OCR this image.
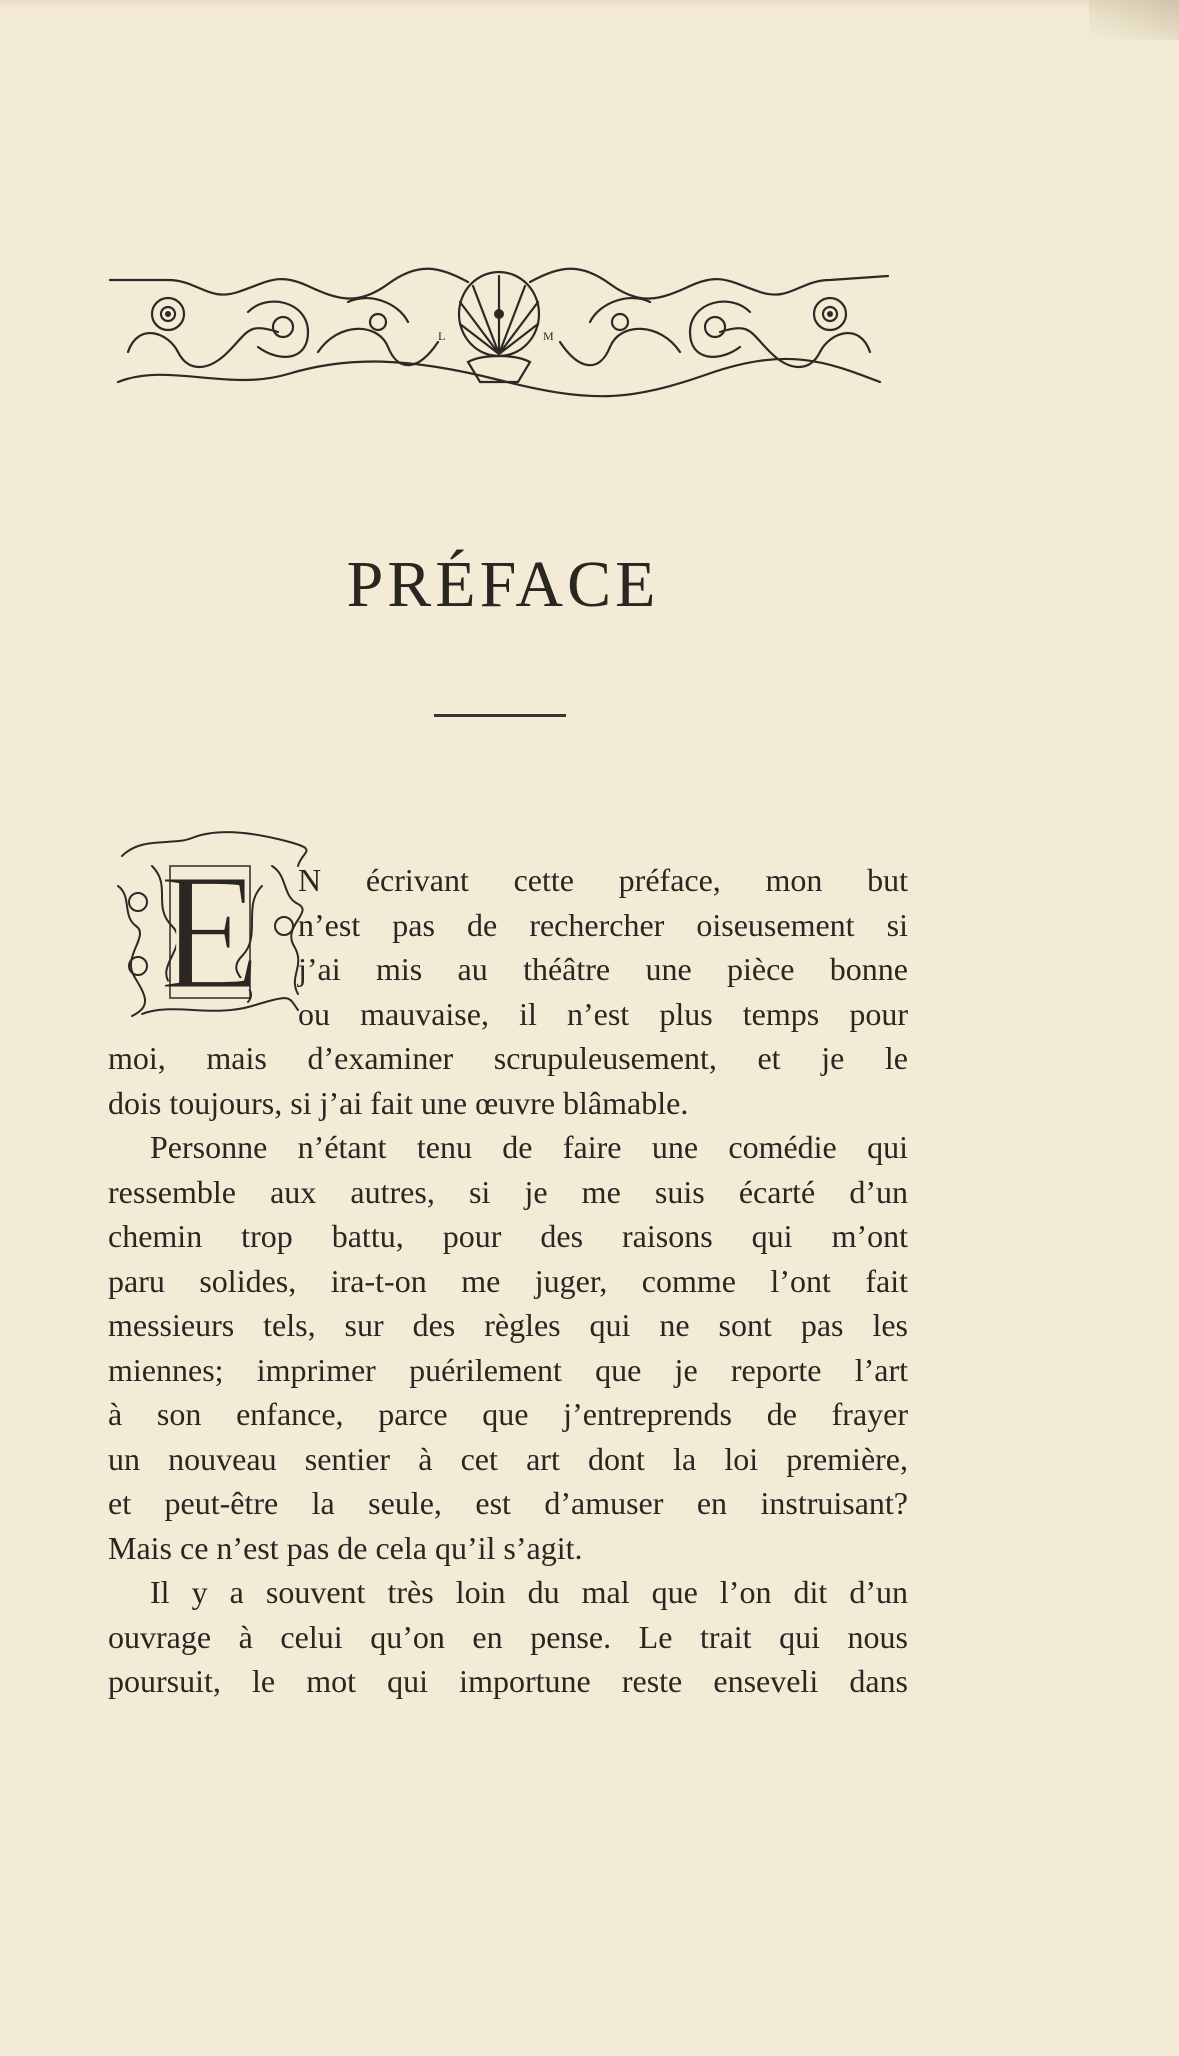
L	M
PRÉFACE
E N écrivant cette préface, mon but
n’est pas de rechercher oiseusement si
j’ai mis au théâtre une pièce bonne
ou mauvaise, il n’est plus temps pour
moi, mais d’examiner scrupuleusement, et je le
dois toujours, si j’ai fait une œuvre blâmable.
Personne n’étant tenu de faire une comédie qui
ressemble aux autres, si je me suis écarté d’un
chemin trop battu, pour des raisons qui m’ont
paru solides, ira-t-on me juger, comme l’ont fait
messieurs tels, sur des règles qui ne sont pas les
miennes; imprimer puérilement que je reporte l’art
à son enfance, parce que j’entreprends de frayer
un nouveau sentier à cet art dont la loi première,
et peut-être la seule, est d’amuser en instruisant?
Mais ce n’est pas de cela qu’il s’agit.
Il y a souvent très loin du mal que l’on dit d’un
ouvrage à celui qu’on en pense. Le trait qui nous
poursuit, le mot qui importune reste enseveli dans
